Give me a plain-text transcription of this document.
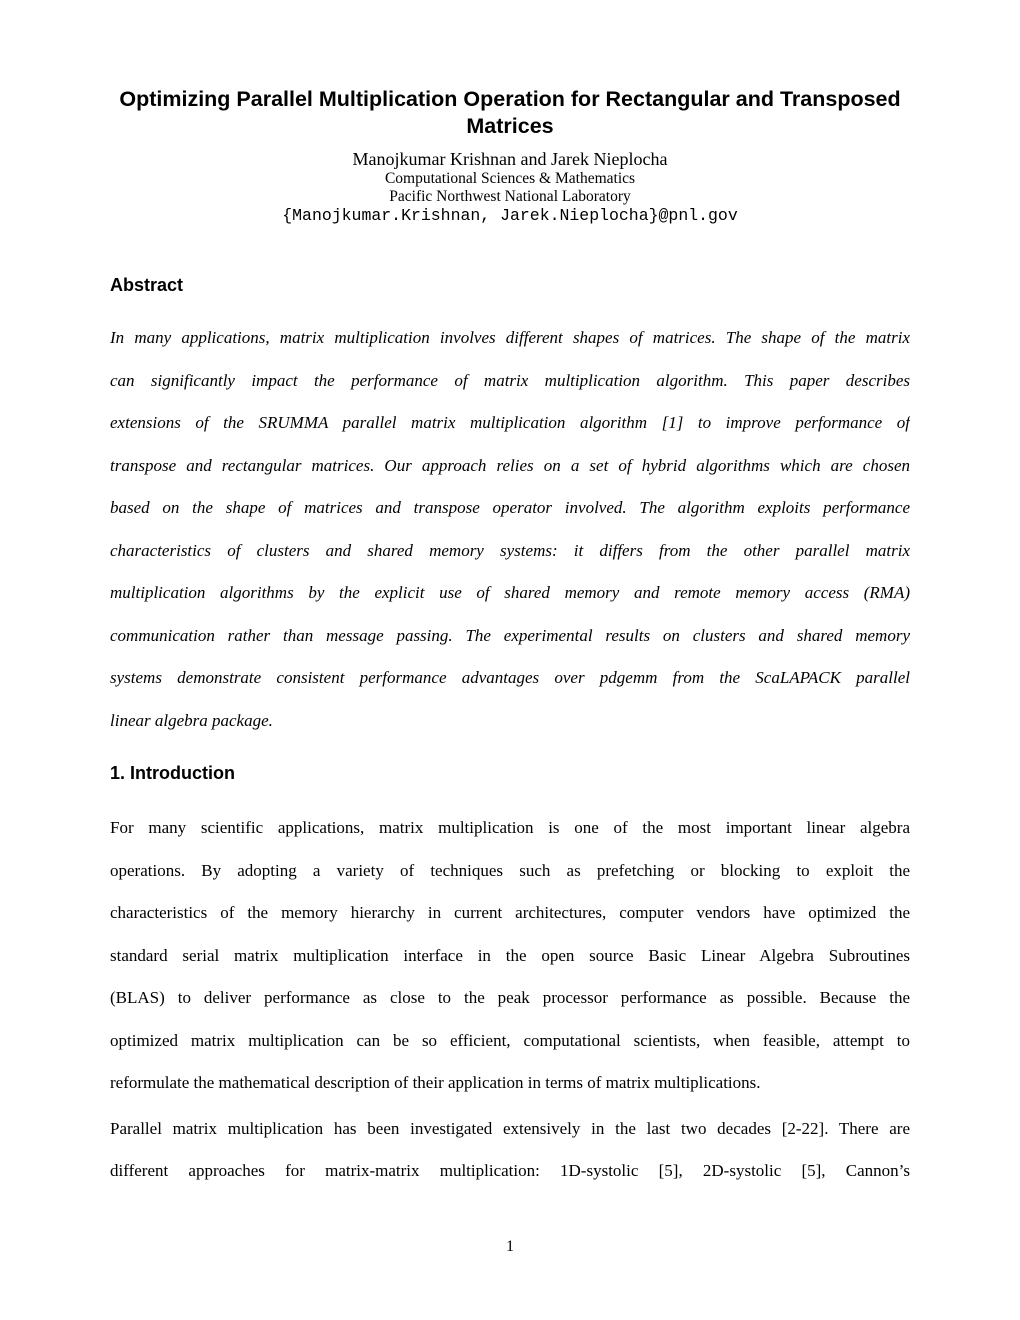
Optimizing Parallel Multiplication Operation for Rectangular and Transposed
Matrices
Manojkumar Krishnan and Jarek Nieplocha
Computational Sciences & Mathematics
Pacific Northwest National Laboratory
{Manojkumar.Krishnan, Jarek.Nieplocha}@pnl.gov
Abstract
In many applications, matrix multiplication involves different shapes of matrices. The shape of the matrix
can significantly impact the performance of matrix multiplication algorithm. This paper describes
extensions of the SRUMMA parallel matrix multiplication algorithm [1] to improve performance of
transpose and rectangular matrices. Our approach relies on a set of hybrid algorithms which are chosen
based on the shape of matrices and transpose operator involved. The algorithm exploits performance
characteristics of clusters and shared memory systems: it differs from the other parallel matrix
multiplication algorithms by the explicit use of shared memory and remote memory access (RMA)
communication rather than message passing. The experimental results on clusters and shared memory
systems demonstrate consistent performance advantages over pdgemm from the ScaLAPACK parallel
linear algebra package.
1. Introduction
For many scientific applications, matrix multiplication is one of the most important linear algebra
operations. By adopting a variety of techniques such as prefetching or blocking to exploit the
characteristics of the memory hierarchy in current architectures, computer vendors have optimized the
standard serial matrix multiplication interface in the open source Basic Linear Algebra Subroutines
(BLAS) to deliver performance as close to the peak processor performance as possible. Because the
optimized matrix multiplication can be so efficient, computational scientists, when feasible, attempt to
reformulate the mathematical description of their application in terms of matrix multiplications.
Parallel matrix multiplication has been investigated extensively in the last two decades [2-22]. There are
different approaches for matrix-matrix multiplication: 1D-systolic [5], 2D-systolic [5], Cannon’s
1
